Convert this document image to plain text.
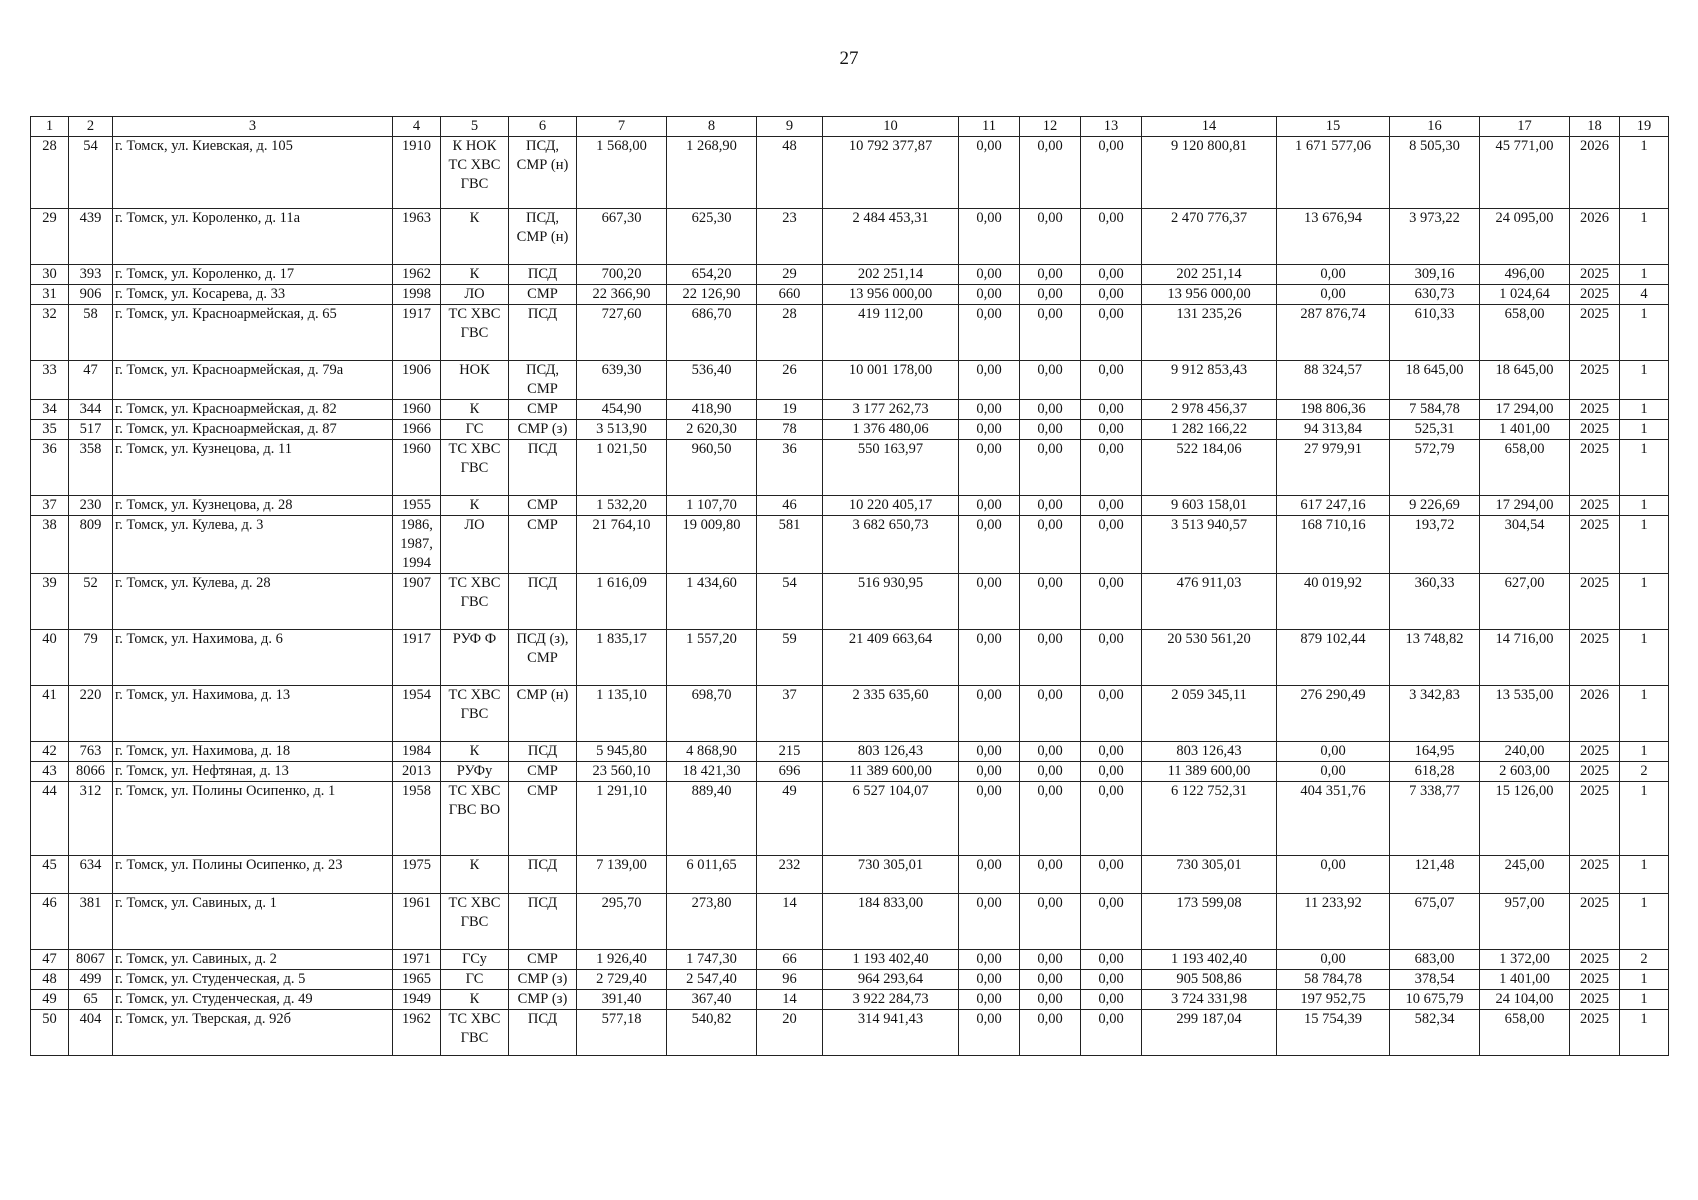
27
1	2	3	4	5	6	7	8	9	10	11	12	13	14	15	16	17	18	19
28	54	г. Томск, ул. Киевская, д. 105	1910	К НОК ТС ХВС ГВС	ПСД, СМР (н)	1 568,00	1 268,90	48	10 792 377,87	0,00	0,00	0,00	9 120 800,81	1 671 577,06	8 505,30	45 771,00	2026	1
29	439	г. Томск, ул. Короленко, д. 11а	1963	К	ПСД, СМР (н)	667,30	625,30	23	2 484 453,31	0,00	0,00	0,00	2 470 776,37	13 676,94	3 973,22	24 095,00	2026	1
30	393	г. Томск, ул. Короленко, д. 17	1962	К	ПСД	700,20	654,20	29	202 251,14	0,00	0,00	0,00	202 251,14	0,00	309,16	496,00	2025	1
31	906	г. Томск, ул. Косарева, д. 33	1998	ЛО	СМР	22 366,90	22 126,90	660	13 956 000,00	0,00	0,00	0,00	13 956 000,00	0,00	630,73	1 024,64	2025	4
32	58	г. Томск, ул. Красноармейская, д. 65	1917	ТС ХВС ГВС	ПСД	727,60	686,70	28	419 112,00	0,00	0,00	0,00	131 235,26	287 876,74	610,33	658,00	2025	1
33	47	г. Томск, ул. Красноармейская, д. 79а	1906	НОК	ПСД, СМР	639,30	536,40	26	10 001 178,00	0,00	0,00	0,00	9 912 853,43	88 324,57	18 645,00	18 645,00	2025	1
34	344	г. Томск, ул. Красноармейская, д. 82	1960	К	СМР	454,90	418,90	19	3 177 262,73	0,00	0,00	0,00	2 978 456,37	198 806,36	7 584,78	17 294,00	2025	1
35	517	г. Томск, ул. Красноармейская, д. 87	1966	ГС	СМР (з)	3 513,90	2 620,30	78	1 376 480,06	0,00	0,00	0,00	1 282 166,22	94 313,84	525,31	1 401,00	2025	1
36	358	г. Томск, ул. Кузнецова, д. 11	1960	ТС ХВС ГВС	ПСД	1 021,50	960,50	36	550 163,97	0,00	0,00	0,00	522 184,06	27 979,91	572,79	658,00	2025	1
37	230	г. Томск, ул. Кузнецова, д. 28	1955	К	СМР	1 532,20	1 107,70	46	10 220 405,17	0,00	0,00	0,00	9 603 158,01	617 247,16	9 226,69	17 294,00	2025	1
38	809	г. Томск, ул. Кулева, д. 3	1986, 1987, 1994	ЛО	СМР	21 764,10	19 009,80	581	3 682 650,73	0,00	0,00	0,00	3 513 940,57	168 710,16	193,72	304,54	2025	1
39	52	г. Томск, ул. Кулева, д. 28	1907	ТС ХВС ГВС	ПСД	1 616,09	1 434,60	54	516 930,95	0,00	0,00	0,00	476 911,03	40 019,92	360,33	627,00	2025	1
40	79	г. Томск, ул. Нахимова, д. 6	1917	РУФ Ф	ПСД (з), СМР	1 835,17	1 557,20	59	21 409 663,64	0,00	0,00	0,00	20 530 561,20	879 102,44	13 748,82	14 716,00	2025	1
41	220	г. Томск, ул. Нахимова, д. 13	1954	ТС ХВС ГВС	СМР (н)	1 135,10	698,70	37	2 335 635,60	0,00	0,00	0,00	2 059 345,11	276 290,49	3 342,83	13 535,00	2026	1
42	763	г. Томск, ул. Нахимова, д. 18	1984	К	ПСД	5 945,80	4 868,90	215	803 126,43	0,00	0,00	0,00	803 126,43	0,00	164,95	240,00	2025	1
43	8066	г. Томск, ул. Нефтяная, д. 13	2013	РУФу	СМР	23 560,10	18 421,30	696	11 389 600,00	0,00	0,00	0,00	11 389 600,00	0,00	618,28	2 603,00	2025	2
44	312	г. Томск, ул. Полины Осипенко, д. 1	1958	ТС ХВС ГВС ВО	СМР	1 291,10	889,40	49	6 527 104,07	0,00	0,00	0,00	6 122 752,31	404 351,76	7 338,77	15 126,00	2025	1
45	634	г. Томск, ул. Полины Осипенко, д. 23	1975	К	ПСД	7 139,00	6 011,65	232	730 305,01	0,00	0,00	0,00	730 305,01	0,00	121,48	245,00	2025	1
46	381	г. Томск, ул. Савиных, д. 1	1961	ТС ХВС ГВС	ПСД	295,70	273,80	14	184 833,00	0,00	0,00	0,00	173 599,08	11 233,92	675,07	957,00	2025	1
47	8067	г. Томск, ул. Савиных, д. 2	1971	ГСу	СМР	1 926,40	1 747,30	66	1 193 402,40	0,00	0,00	0,00	1 193 402,40	0,00	683,00	1 372,00	2025	2
48	499	г. Томск, ул. Студенческая, д. 5	1965	ГС	СМР (з)	2 729,40	2 547,40	96	964 293,64	0,00	0,00	0,00	905 508,86	58 784,78	378,54	1 401,00	2025	1
49	65	г. Томск, ул. Студенческая, д. 49	1949	К	СМР (з)	391,40	367,40	14	3 922 284,73	0,00	0,00	0,00	3 724 331,98	197 952,75	10 675,79	24 104,00	2025	1
50	404	г. Томск, ул. Тверская, д. 92б	1962	ТС ХВС ГВС	ПСД	577,18	540,82	20	314 941,43	0,00	0,00	0,00	299 187,04	15 754,39	582,34	658,00	2025	1
